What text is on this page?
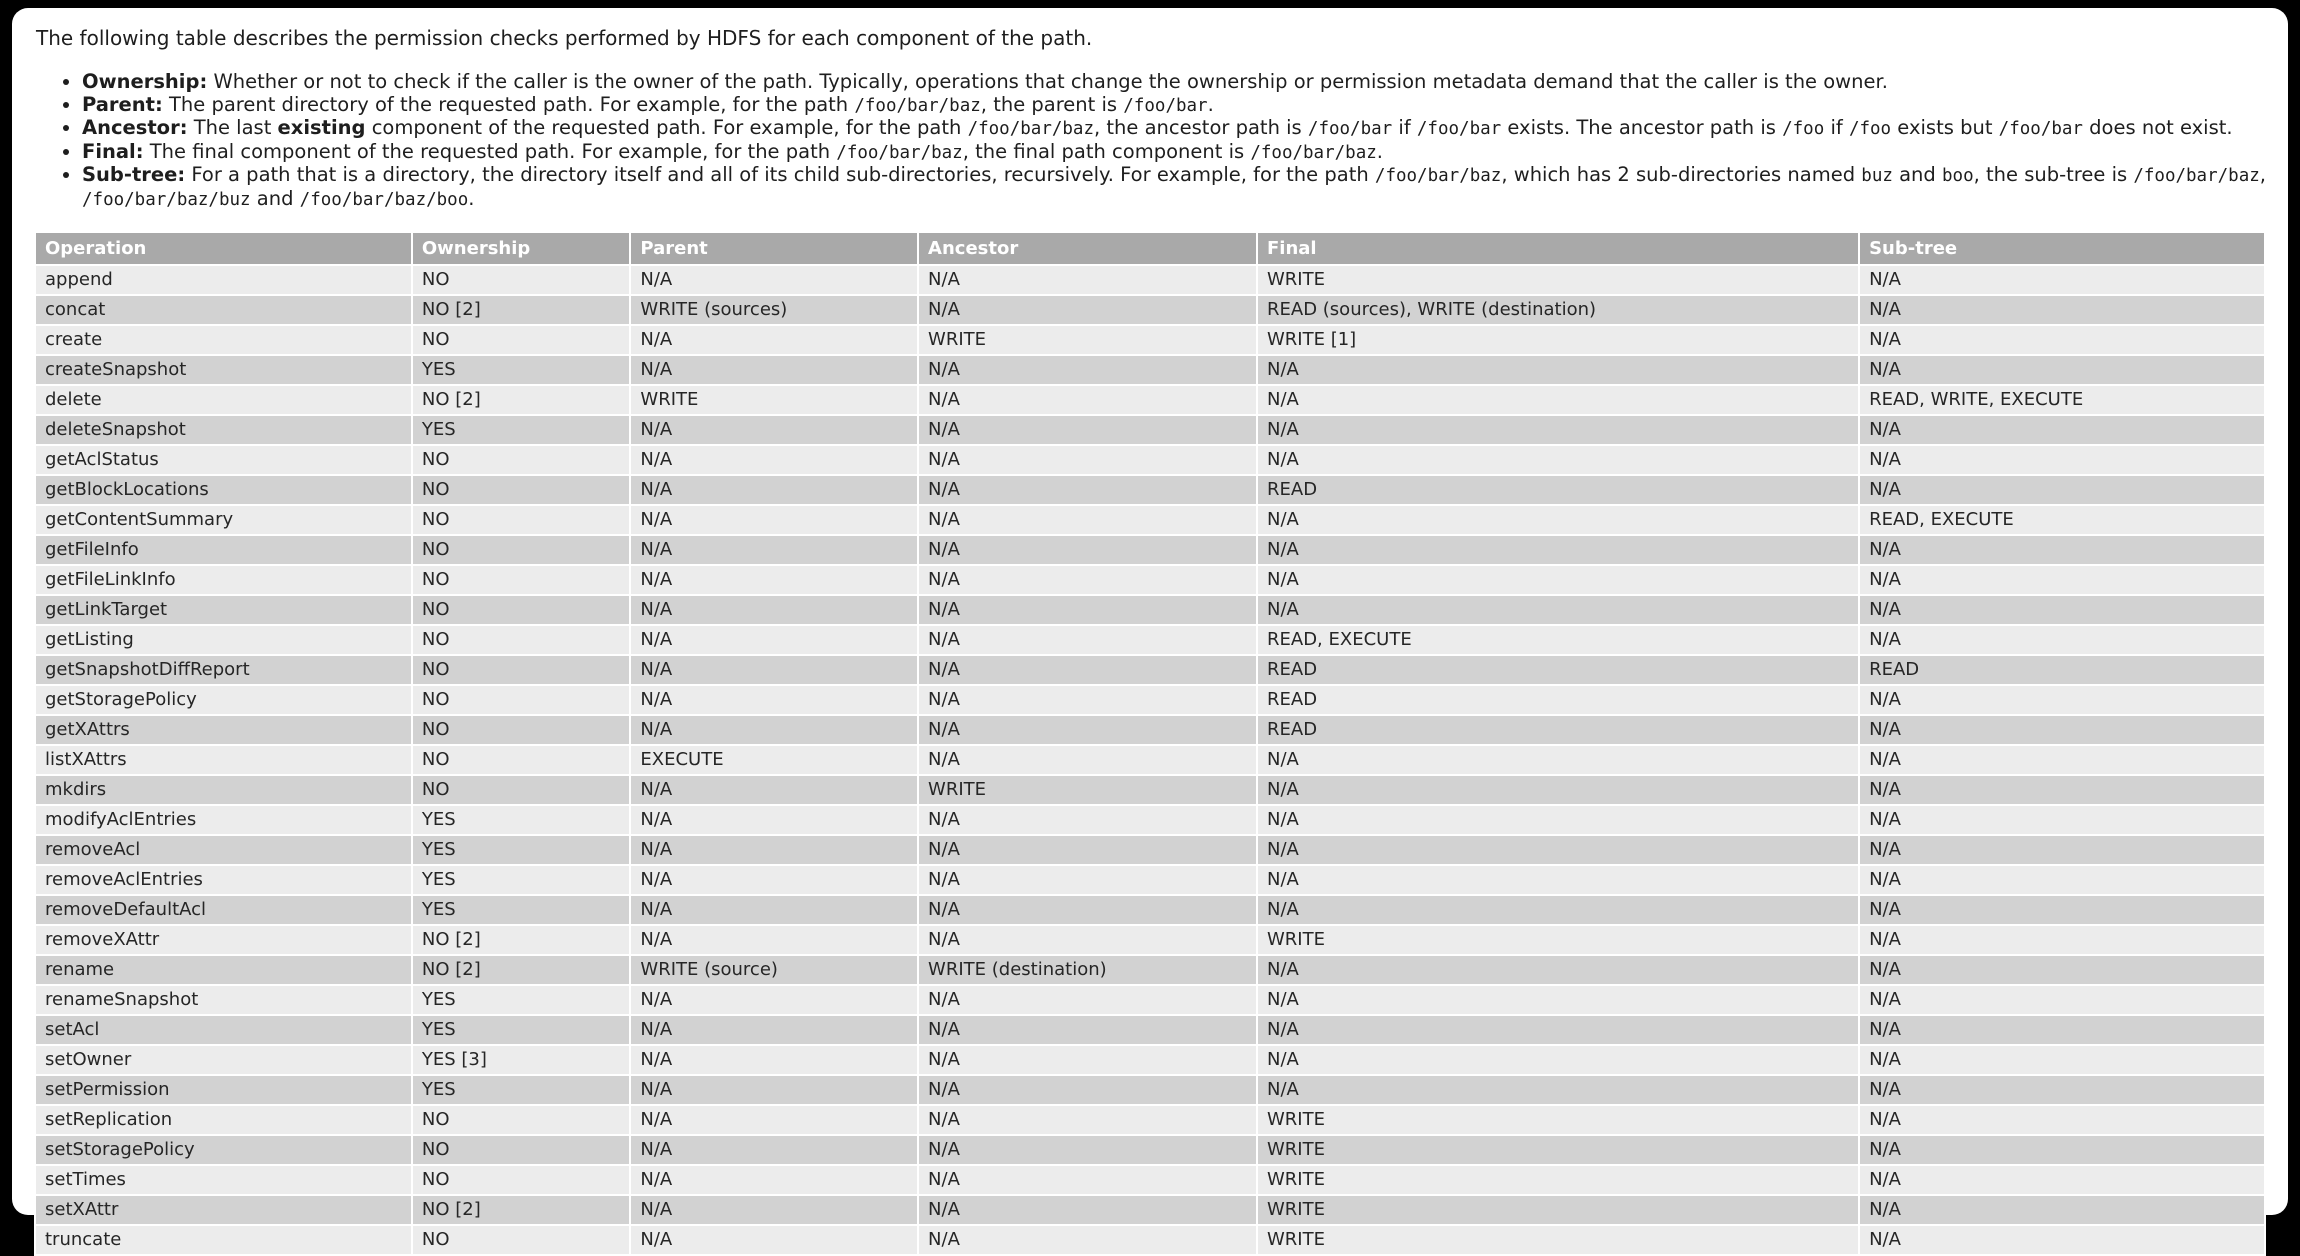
The following table describes the permission checks performed by HDFS for each component of the path.

• Ownership: Whether or not to check if the caller is the owner of the path. Typically, operations that change the ownership or permission metadata demand that the caller is the owner.
• Parent: The parent directory of the requested path. For example, for the path /foo/bar/baz, the parent is /foo/bar.
• Ancestor: The last existing component of the requested path. For example, for the path /foo/bar/baz, the ancestor path is /foo/bar if /foo/bar exists. The ancestor path is /foo if /foo exists but /foo/bar does not exist.
• Final: The final component of the requested path. For example, for the path /foo/bar/baz, the final path component is /foo/bar/baz.
• Sub-tree: For a path that is a directory, the directory itself and all of its child sub-directories, recursively. For example, for the path /foo/bar/baz, which has 2 sub-directories named buz and boo, the sub-tree is /foo/bar/baz, /foo/bar/baz/buz and /foo/bar/baz/boo.
Operation	Ownership	Parent	Ancestor	Final	Sub-tree
append	NO	N/A	N/A	WRITE	N/A
concat	NO [2]	WRITE (sources)	N/A	READ (sources), WRITE (destination)	N/A
create	NO	N/A	WRITE	WRITE [1]	N/A
createSnapshot	YES	N/A	N/A	N/A	N/A
delete	NO [2]	WRITE	N/A	N/A	READ, WRITE, EXECUTE
deleteSnapshot	YES	N/A	N/A	N/A	N/A
getAclStatus	NO	N/A	N/A	N/A	N/A
getBlockLocations	NO	N/A	N/A	READ	N/A
getContentSummary	NO	N/A	N/A	N/A	READ, EXECUTE
getFileInfo	NO	N/A	N/A	N/A	N/A
getFileLinkInfo	NO	N/A	N/A	N/A	N/A
getLinkTarget	NO	N/A	N/A	N/A	N/A
getListing	NO	N/A	N/A	READ, EXECUTE	N/A
getSnapshotDiffReport	NO	N/A	N/A	READ	READ
getStoragePolicy	NO	N/A	N/A	READ	N/A
getXAttrs	NO	N/A	N/A	READ	N/A
listXAttrs	NO	EXECUTE	N/A	N/A	N/A
mkdirs	NO	N/A	WRITE	N/A	N/A
modifyAclEntries	YES	N/A	N/A	N/A	N/A
removeAcl	YES	N/A	N/A	N/A	N/A
removeAclEntries	YES	N/A	N/A	N/A	N/A
removeDefaultAcl	YES	N/A	N/A	N/A	N/A
removeXAttr	NO [2]	N/A	N/A	WRITE	N/A
rename	NO [2]	WRITE (source)	WRITE (destination)	N/A	N/A
renameSnapshot	YES	N/A	N/A	N/A	N/A
setAcl	YES	N/A	N/A	N/A	N/A
setOwner	YES [3]	N/A	N/A	N/A	N/A
setPermission	YES	N/A	N/A	N/A	N/A
setReplication	NO	N/A	N/A	WRITE	N/A
setStoragePolicy	NO	N/A	N/A	WRITE	N/A
setTimes	NO	N/A	N/A	WRITE	N/A
setXAttr	NO [2]	N/A	N/A	WRITE	N/A
truncate	NO	N/A	N/A	WRITE	N/A
